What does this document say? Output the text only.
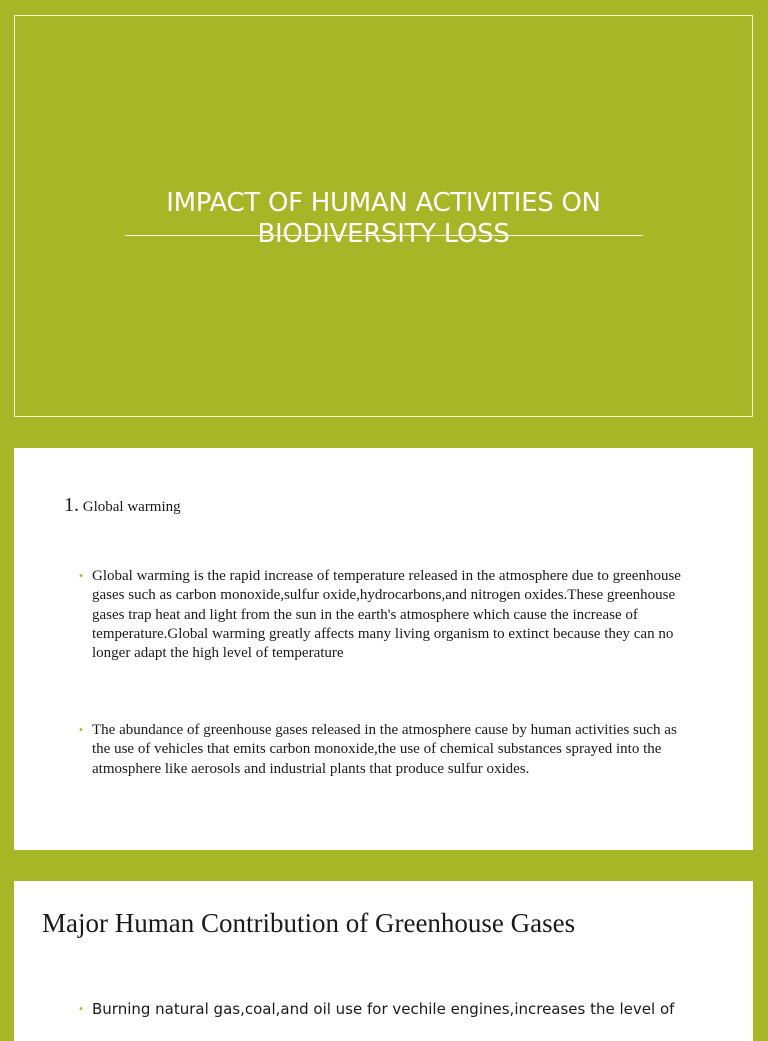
IMPACT OF HUMAN ACTIVITIES ON
BIODIVERSITY LOSS
1. Global warming
• Global warming is the rapid increase of temperature released in the atmosphere due to greenhouse gases such as carbon monoxide,sulfur oxide,hydrocarbons,and nitrogen oxides.These greenhouse gases trap heat and light from the sun in the earth's atmosphere which cause the increase of temperature.Global warming greatly affects many living organism to extinct because they can no longer adapt the high level of temperature
• The abundance of greenhouse gases released in the atmosphere cause by human activities such as the use of vehicles that emits carbon monoxide,the use of chemical substances sprayed into the atmosphere like aerosols and industrial plants that produce sulfur oxides.
Major Human Contribution of Greenhouse Gases
• Burning natural gas,coal,and oil use for vechile engines,increases the level of
